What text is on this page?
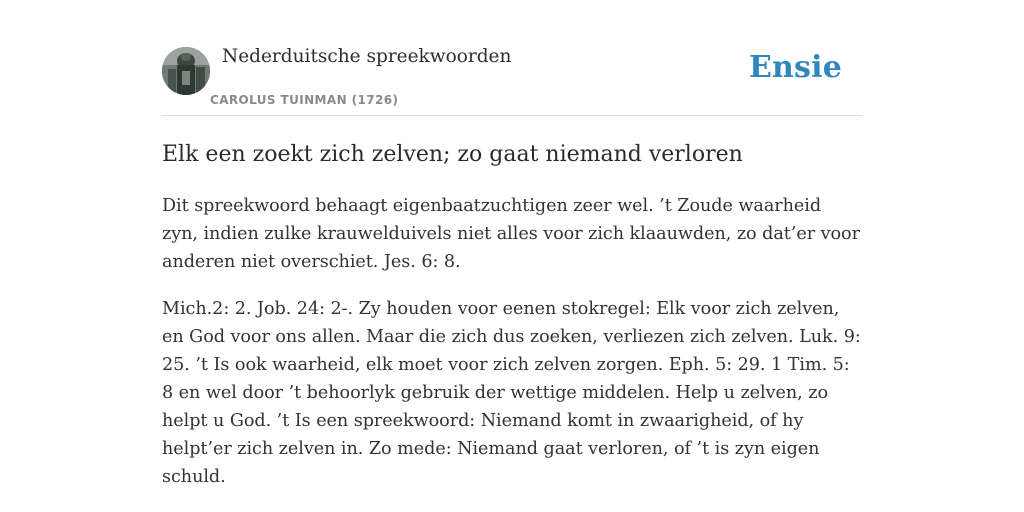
Nederduitsche spreekwoorden
CAROLUS TUINMAN (1726)
Ensie
Elk een zoekt zich zelven; zo gaat niemand verloren

Dit spreekwoord behaagt eigenbaatzuchtigen zeer wel. ’t Zoude waarheid zyn, indien zulke krauwelduivels niet alles voor zich klaauwden, zo dat’er voor anderen niet overschiet. Jes. 6: 8.

Mich.2: 2. Job. 24: 2-. Zy houden voor eenen stokregel: Elk voor zich zelven, en God voor ons allen. Maar die zich dus zoeken, verliezen zich zelven. Luk. 9: 25. ’t Is ook waarheid, elk moet voor zich zelven zorgen. Eph. 5: 29. 1 Tim. 5: 8 en wel door ’t behoorlyk gebruik der wettige middelen. Help u zelven, zo helpt u God. ’t Is een spreekwoord: Niemand komt in zwaarigheid, of hy helpt’er zich zelven in. Zo mede: Niemand gaat verloren, of ’t is zyn eigen schuld.
